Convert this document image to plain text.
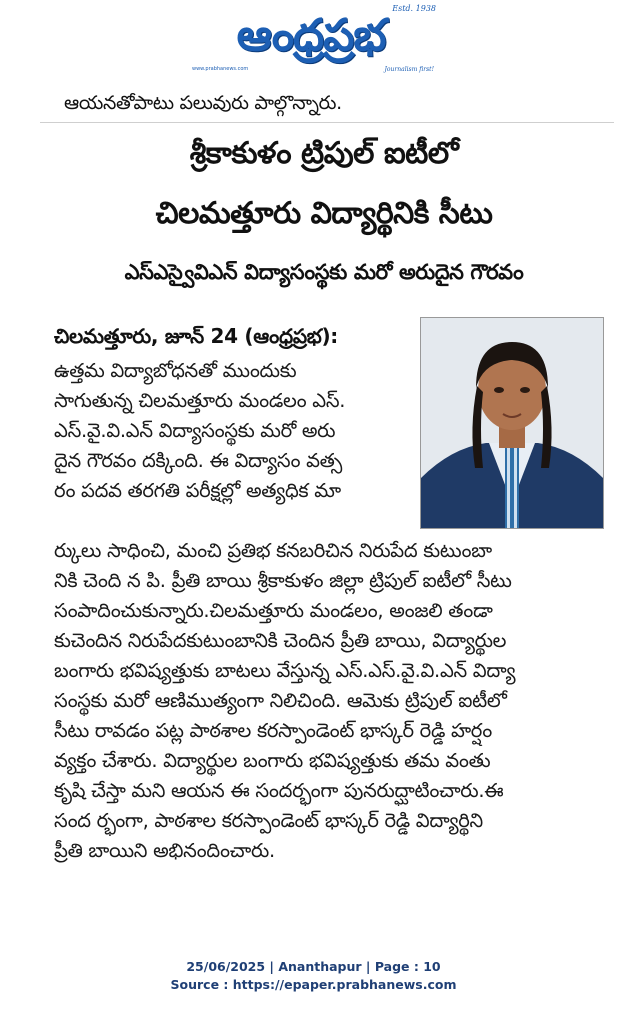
ఆంధ్రప్రభ
Estd. 1938
www.prabhanews.com	Journalism first!
ఆయనతోపాటు పలువురు పాల్గొన్నారు.
శ్రీకాకుళం ట్రిపుల్ ఐటీలో
చిలమత్తూరు విద్యార్థినికి సీటు
ఎస్ఎస్వైవిఎన్ విద్యాసంస్థకు మరో అరుదైన గౌరవం
చిలమత్తూరు, జూన్ 24 (ఆంధ్రప్రభ):
ఉత్తమ విద్యాబోధనతో ముందుకు
సాగుతున్న చిలమత్తూరు మండలం ఎస్.
ఎస్.వై.వి.ఎన్ విద్యాసంస్థకు మరో అరు
దైన గౌరవం దక్కింది. ఈ విద్యాసం వత్స
రం పదవ తరగతి పరీక్షల్లో అత్యధిక మా
ర్కులు సాధించి, మంచి ప్రతిభ కనబరిచిన నిరుపేద కుటుంబా
నికి చెంది న పి. ప్రీతి బాయి శ్రీకాకుళం జిల్లా ట్రిపుల్ ఐటీలో సీటు
సంపాదించుకున్నారు.చిలమత్తూరు మండలం, అంజలి తండా
కుచెందిన నిరుపేదకుటుంబానికి చెందిన ప్రీతి బాయి, విద్యార్థుల
బంగారు భవిష్యత్తుకు బాటలు వేస్తున్న ఎస్.ఎస్.వై.వి.ఎన్ విద్యా
సంస్థకు మరో ఆణిముత్యంగా నిలిచింది. ఆమెకు ట్రిపుల్ ఐటీలో
సీటు రావడం పట్ల పాఠశాల కరస్పాండెంట్ భాస్కర్ రెడ్డి హర్షం
వ్యక్తం చేశారు. విద్యార్థుల బంగారు భవిష్యత్తుకు తమ వంతు
కృషి చేస్తా మని ఆయన ఈ సందర్భంగా పునరుద్ఘాటించారు.ఈ
సంద ర్భంగా, పాఠశాల కరస్పాండెంట్ భాస్కర్ రెడ్డి విద్యార్థిని
ప్రీతి బాయిని అభినందించారు.
25/06/2025 | Ananthapur | Page : 10
Source : https://epaper.prabhanews.com
